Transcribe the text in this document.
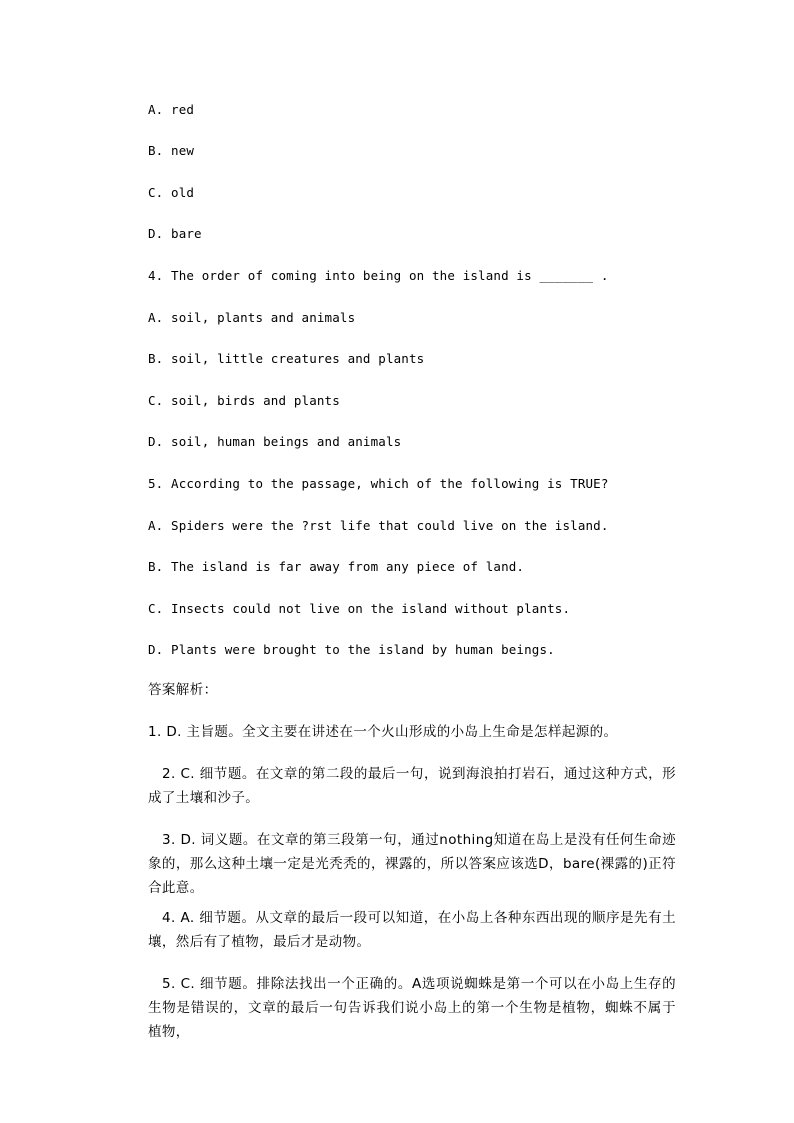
A. red
B. new
C. old
D. bare
4. The order of coming into being on the island is _______ .
A. soil, plants and animals
B. soil, little creatures and plants
C. soil, birds and plants
D. soil, human beings and animals
5. According to the passage, which of the following is TRUE?
A. Spiders were the ?rst life that could live on the island.
B. The island is far away from any piece of land.
C. Insects could not live on the island without plants.
D. Plants were brought to the island by human beings.
答案解析：
1. D. 主旨题。全文主要在讲述在一个火山形成的小岛上生命是怎样起源的。
2. C. 细节题。在文章的第二段的最后一句，说到海浪拍打岩石，通过这种方式，形成了土壤和沙子。
3. D. 词义题。在文章的第三段第一句，通过nothing知道在岛上是没有任何生命迹象的，那么这种土壤一定是光秃秃的，裸露的，所以答案应该选D，bare(裸露的)正符合此意。
4. A. 细节题。从文章的最后一段可以知道，在小岛上各种东西出现的顺序是先有土壤，然后有了植物，最后才是动物。
5. C. 细节题。排除法找出一个正确的。A选项说蜘蛛是第一个可以在小岛上生存的生物是错误的，文章的最后一句告诉我们说小岛上的第一个生物是植物，蜘蛛不属于植物，
